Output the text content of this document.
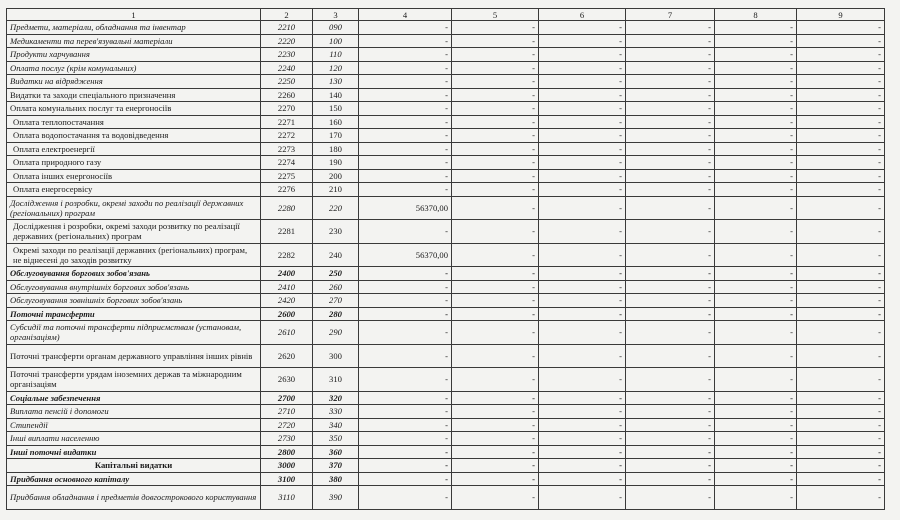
1	2	3	4	5	6	7	8	9
Предмети, матеріали, обладнання та інвентар	2210	090	-	-	-	-	-	-
Медикаменти та перев'язувальні матеріали	2220	100	-	-	-	-	-	-
Продукти харчування	2230	110	-	-	-	-	-	-
Оплата послуг (крім комунальних)	2240	120	-	-	-	-	-	-
Видатки на відрядження	2250	130	-	-	-	-	-	-
Видатки та заходи спеціального призначення	2260	140	-	-	-	-	-	-
Оплата комунальних послуг та енергоносіїв	2270	150	-	-	-	-	-	-
Оплата теплопостачання	2271	160	-	-	-	-	-	-
Оплата водопостачання та водовідведення	2272	170	-	-	-	-	-	-
Оплата електроенергії	2273	180	-	-	-	-	-	-
Оплата природного газу	2274	190	-	-	-	-	-	-
Оплата інших енергоносіїв	2275	200	-	-	-	-	-	-
Оплата енергосервісу	2276	210	-	-	-	-	-	-
Дослідження і розробки, окремі заходи по реалізації державних (регіональних) програм	2280	220	56370,00	-	-	-	-	-
Дослідження і розробки, окремі заходи розвитку по реалізації державних (регіональних) програм	2281	230	-	-	-	-	-	-
Окремі заходи по реалізації державних (регіональних) програм, не віднесені до заходів розвитку	2282	240	56370,00	-	-	-	-	-
Обслуговування боргових зобов'язань	2400	250	-	-	-	-	-	-
Обслуговування внутрішніх боргових зобов'язань	2410	260	-	-	-	-	-	-
Обслуговування зовнішніх боргових зобов'язань	2420	270	-	-	-	-	-	-
Поточні трансферти	2600	280	-	-	-	-	-	-
Субсидії та поточні трансферти підприємствам (установам, організаціям)	2610	290	-	-	-	-	-	-
Поточні трансферти органам державного управління інших рівнів	2620	300	-	-	-	-	-	-
Поточні трансферти урядам іноземних держав та міжнародним організаціям	2630	310	-	-	-	-	-	-
Соціальне забезпечення	2700	320	-	-	-	-	-	-
Виплата пенсій і допомоги	2710	330	-	-	-	-	-	-
Стипендії	2720	340	-	-	-	-	-	-
Інші виплати населенню	2730	350	-	-	-	-	-	-
Інші поточні видатки	2800	360	-	-	-	-	-	-
Капітальні видатки	3000	370	-	-	-	-	-	-
Придбання основного капіталу	3100	380	-	-	-	-	-	-
Придбання обладнання і предметів довгострокового користування	3110	390	-	-	-	-	-	-
